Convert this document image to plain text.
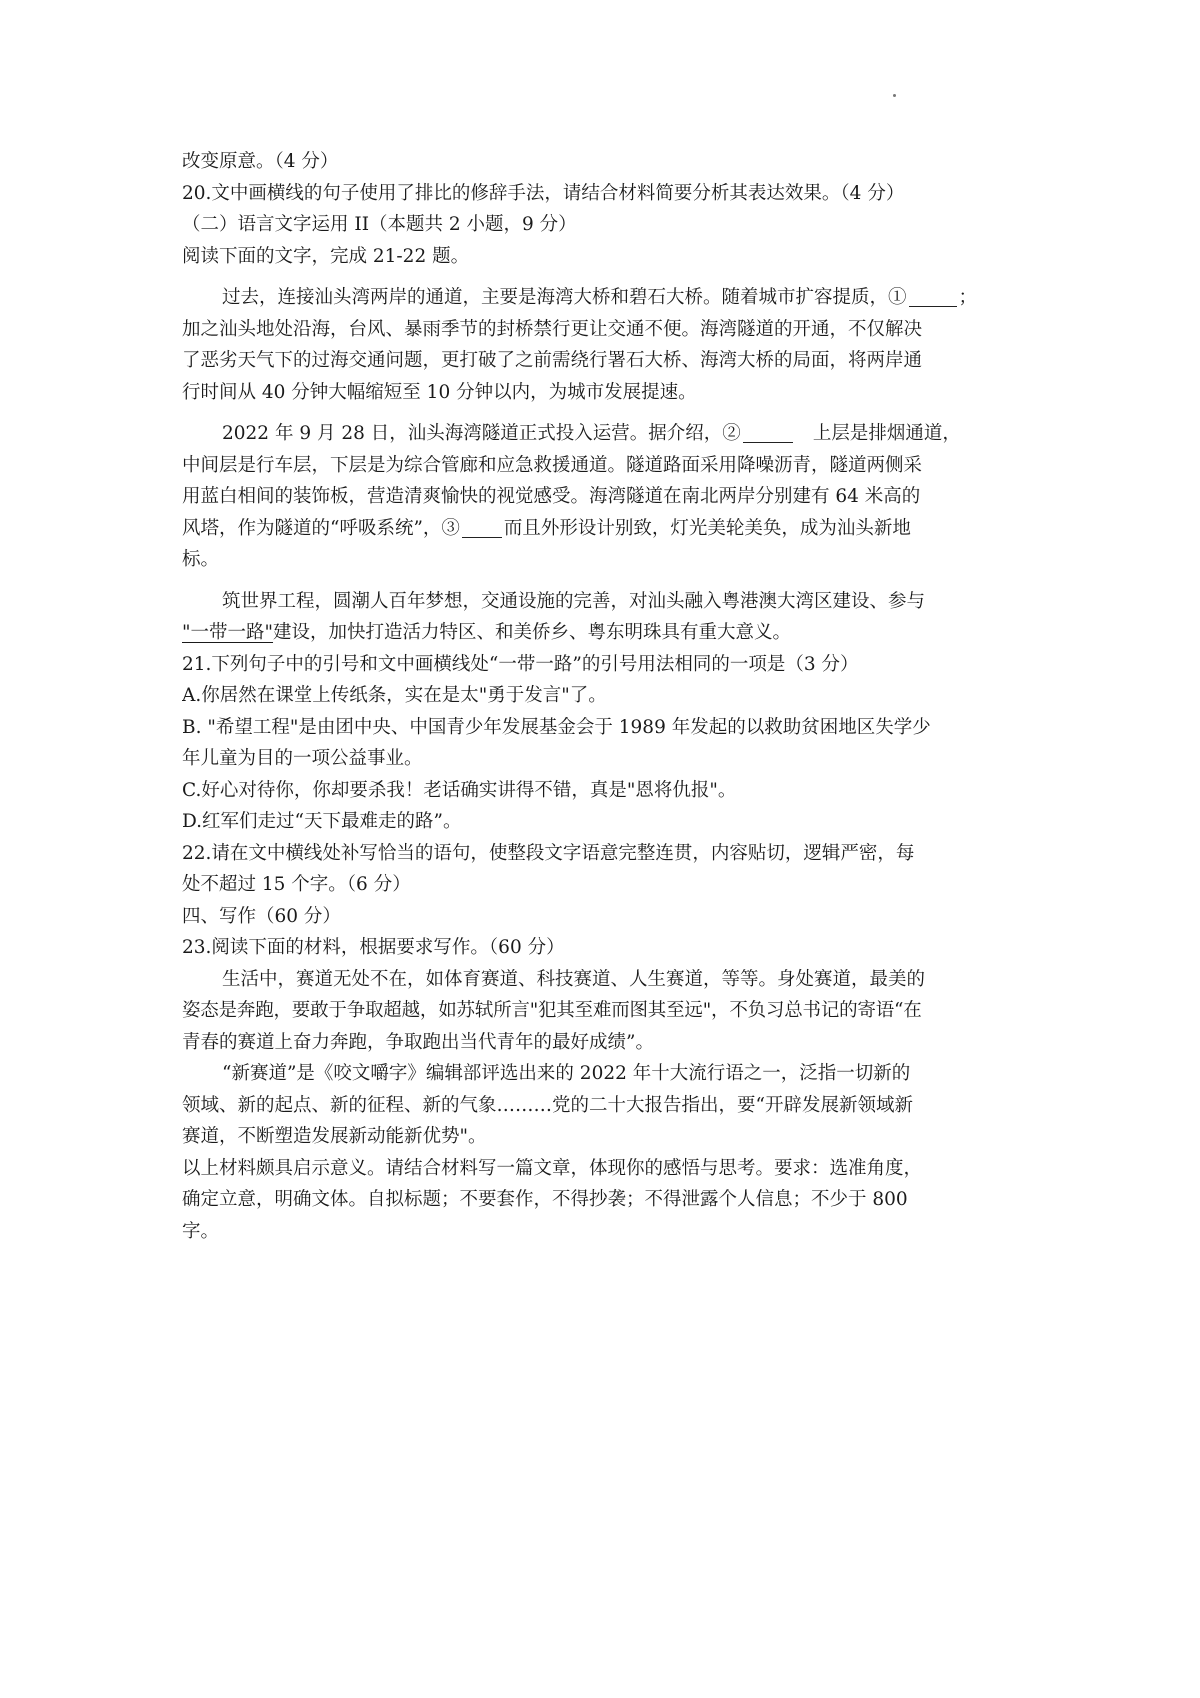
改变原意。（4 分）
20.文中画横线的句子使用了排比的修辞手法，请结合材料简要分析其表达效果。（4 分）
（二）语言文字运用 II（本题共 2 小题，9 分）
阅读下面的文字，完成 21-22 题。
过去，连接汕头湾两岸的通道，主要是海湾大桥和碧石大桥。随着城市扩容提质，①	；
加之汕头地处沿海，台风、暴雨季节的封桥禁行更让交通不便。海湾隧道的开通，不仅解决
了恶劣天气下的过海交通问题，更打破了之前需绕行署石大桥、海湾大桥的局面，将两岸通
行时间从 40 分钟大幅缩短至 10 分钟以内，为城市发展提速。
2022 年 9 月 28 日，汕头海湾隧道正式投入运营。据介绍，②	上层是排烟通道，
中间层是行车层，下层是为综合管廊和应急救援通道。隧道路面采用降噪沥青，隧道两侧采
用蓝白相间的装饰板，营造清爽愉快的视觉感受。海湾隧道在南北两岸分别建有 64 米高的
风塔，作为隧道的“呼吸系统”，③ 而且外形设计别致，灯光美轮美奂，成为汕头新地
标。
筑世界工程，圆潮人百年梦想，交通设施的完善，对汕头融入粤港澳大湾区建设、参与
"一带一路"建设，加快打造活力特区、和美侨乡、粤东明珠具有重大意义。
21.下列句子中的引号和文中画横线处“一带一路”的引号用法相同的一项是（3 分）
A.你居然在课堂上传纸条，实在是太"勇于发言"了。
B. "希望工程"是由团中央、中国青少年发展基金会于 1989 年发起的以救助贫困地区失学少
年儿童为目的一项公益事业。
C.好心对待你，你却要杀我！老话确实讲得不错，真是"恩将仇报"。
D.红军们走过“天下最难走的路”。
22.请在文中横线处补写恰当的语句，使整段文字语意完整连贯，内容贴切，逻辑严密，每
处不超过 15 个字。（6 分）
四、写作（60 分）
23.阅读下面的材料，根据要求写作。（60 分）
生活中，赛道无处不在，如体育赛道、科技赛道、人生赛道，等等。身处赛道，最美的
姿态是奔跑，要敢于争取超越，如苏轼所言"犯其至难而图其至远"，不负习总书记的寄语“在
青春的赛道上奋力奔跑，争取跑出当代青年的最好成绩”。
“新赛道”是《咬文嚼字》编辑部评选出来的 2022 年十大流行语之一，泛指一切新的
领域、新的起点、新的征程、新的气象………党的二十大报告指出，要“开辟发展新领域新
赛道，不断塑造发展新动能新优势"。
以上材料颇具启示意义。请结合材料写一篇文章，体现你的感悟与思考。要求：选准角度，
确定立意，明确文体。自拟标题；不要套作，不得抄袭；不得泄露个人信息；不少于 800
字。
